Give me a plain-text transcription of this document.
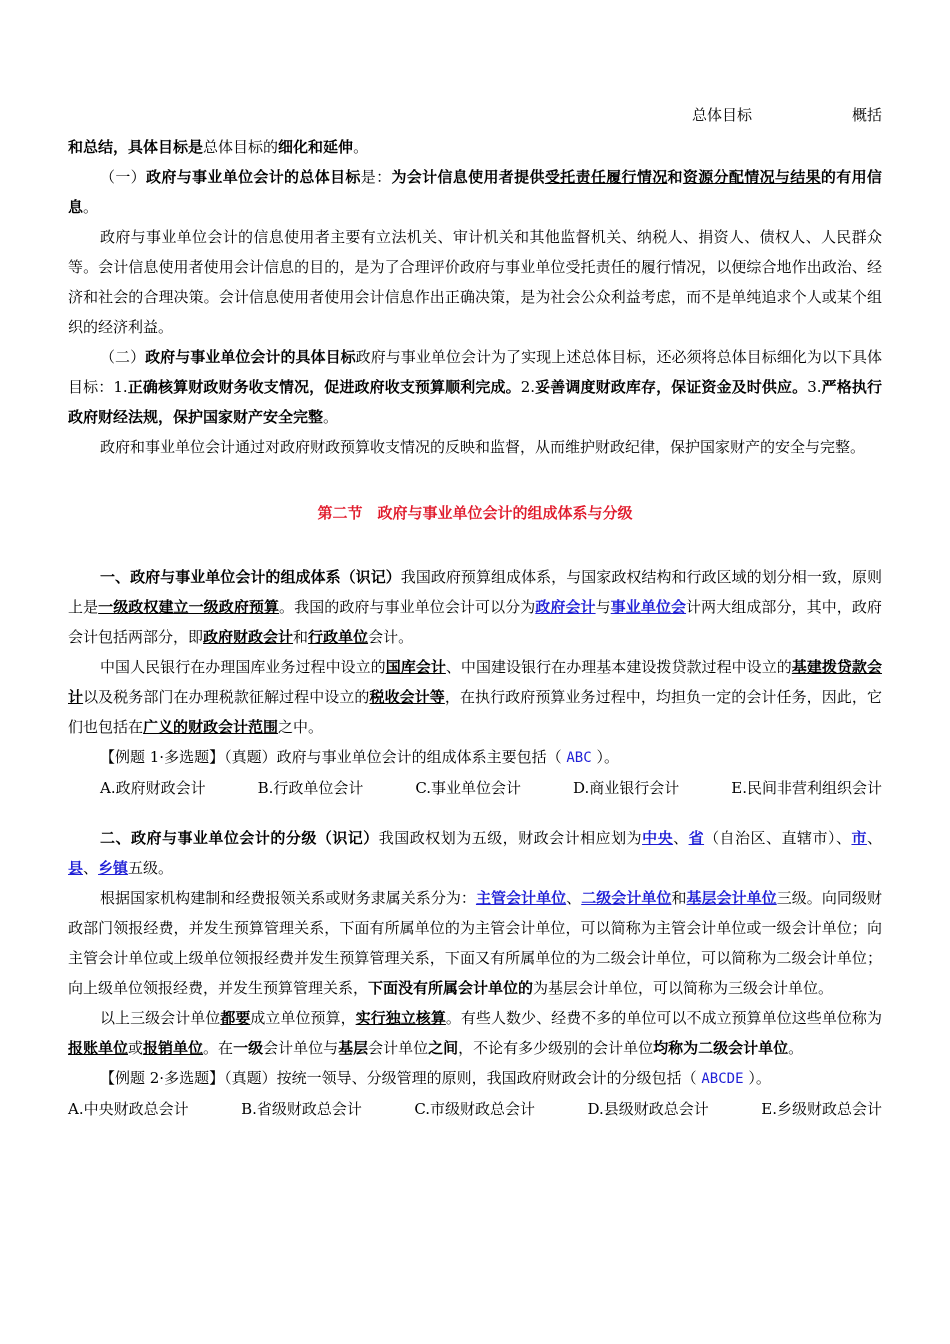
总体目标	概括

和总结，具体目标是总体目标的细化和延伸。

（一）政府与事业单位会计的总体目标是：为会计信息使用者提供受托责任履行情况和资源分配情况与结果的有用信息。

政府与事业单位会计的信息使用者主要有立法机关、审计机关和其他监督机关、纳税人、捐资人、债权人、人民群众等。会计信息使用者使用会计信息的目的，是为了合理评价政府与事业单位受托责任的履行情况，以便综合地作出政治、经济和社会的合理决策。会计信息使用者使用会计信息作出正确决策，是为社会公众利益考虑，而不是单纯追求个人或某个组织的经济利益。

（二）政府与事业单位会计的具体目标政府与事业单位会计为了实现上述总体目标，还必须将总体目标细化为以下具体目标：1.正确核算财政财务收支情况，促进政府收支预算顺利完成。2.妥善调度财政库存，保证资金及时供应。3.严格执行政府财经法规，保护国家财产安全完整。

政府和事业单位会计通过对政府财政预算收支情况的反映和监督，从而维护财政纪律，保护国家财产的安全与完整。

第二节　政府与事业单位会计的组成体系与分级

一、政府与事业单位会计的组成体系（识记）我国政府预算组成体系，与国家政权结构和行政区域的划分相一致，原则上是一级政权建立一级政府预算。我国的政府与事业单位会计可以分为政府会计与事业单位会计两大组成部分，其中，政府会计包括两部分，即政府财政会计和行政单位会计。

中国人民银行在办理国库业务过程中设立的国库会计、中国建设银行在办理基本建设拨贷款过程中设立的基建拨贷款会计以及税务部门在办理税款征解过程中设立的税收会计等，在执行政府预算业务过程中，均担负一定的会计任务，因此，它们也包括在广义的财政会计范围之中。

【例题 1·多选题】（真题）政府与事业单位会计的组成体系主要包括（ ABC ）。

A.政府财政会计	B.行政单位会计	C.事业单位会计	D.商业银行会计	E.民间非营利组织会计

二、政府与事业单位会计的分级（识记）我国政权划为五级，财政会计相应划为中央、省（自治区、直辖市）、市、县、乡镇五级。

根据国家机构建制和经费报领关系或财务隶属关系分为：主管会计单位、二级会计单位和基层会计单位三级。向同级财政部门领报经费，并发生预算管理关系，下面有所属单位的为主管会计单位，可以简称为主管会计单位或一级会计单位；向主管会计单位或上级单位领报经费并发生预算管理关系，下面又有所属单位的为二级会计单位，可以简称为二级会计单位；向上级单位领报经费，并发生预算管理关系，下面没有所属会计单位的为基层会计单位，可以简称为三级会计单位。

以上三级会计单位都要成立单位预算，实行独立核算。有些人数少、经费不多的单位可以不成立预算单位这些单位称为报账单位或报销单位。在一级会计单位与基层会计单位之间，不论有多少级别的会计单位均称为二级会计单位。

【例题 2·多选题】（真题）按统一领导、分级管理的原则，我国政府财政会计的分级包括（ ABCDE ）。

A.中央财政总会计	B.省级财政总会计	C.市级财政总会计	D.县级财政总会计	E.乡级财政总会计
